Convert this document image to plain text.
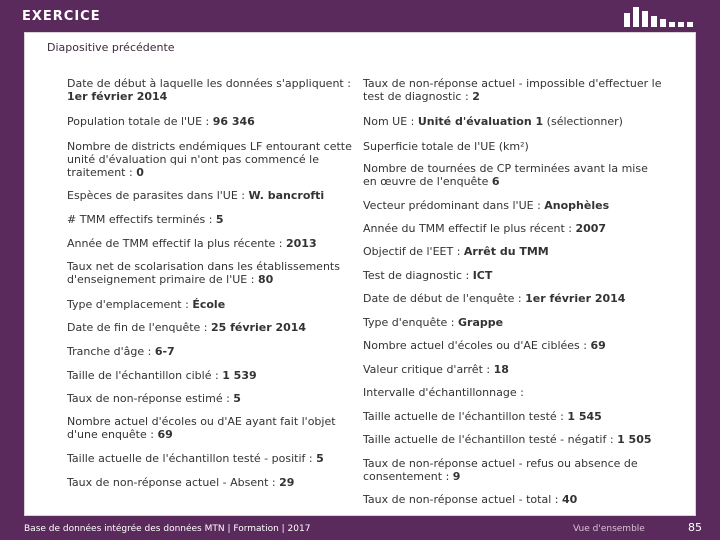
EXERCICE
Diapositive précédente

Date de début à laquelle les données s'appliquent : 1er février 2014

Population totale de l'UE : 96 346

Nombre de districts endémiques LF entourant cette unité d'évaluation qui n'ont pas commencé le traitement : 0

Espèces de parasites dans l'UE : W. bancrofti

# TMM effectifs terminés : 5

Année de TMM effectif la plus récente : 2013

Taux net de scolarisation dans les établissements d'enseignement primaire de l'UE : 80

Type d'emplacement : École

Date de fin de l'enquête : 25 février 2014

Tranche d'âge : 6-7

Taille de l'échantillon ciblé : 1 539

Taux de non-réponse estimé : 5

Nombre actuel d'écoles ou d'AE ayant fait l'objet d'une enquête : 69

Taille actuelle de l'échantillon testé - positif : 5

Taux de non-réponse actuel - Absent : 29

Taux de non-réponse actuel - impossible d'effectuer le test de diagnostic : 2

Nom UE : Unité d'évaluation 1 (sélectionner)

Superficie totale de l'UE (km²)

Nombre de tournées de CP terminées avant la mise en œuvre de l'enquête 6

Vecteur prédominant dans l'UE : Anophèles

Année du TMM effectif le plus récent : 2007

Objectif de l'EET : Arrêt du TMM

Test de diagnostic : ICT

Date de début de l'enquête : 1er février 2014

Type d'enquête : Grappe

Nombre actuel d'écoles ou d'AE ciblées : 69

Valeur critique d'arrêt : 18

Intervalle d'échantillonnage :

Taille actuelle de l'échantillon testé : 1 545

Taille actuelle de l'échantillon testé - négatif : 1 505

Taux de non-réponse actuel - refus ou absence de consentement : 9

Taux de non-réponse actuel - total : 40

Base de données intégrée des données MTN | Formation | 2017	Vue d'ensemble	85
